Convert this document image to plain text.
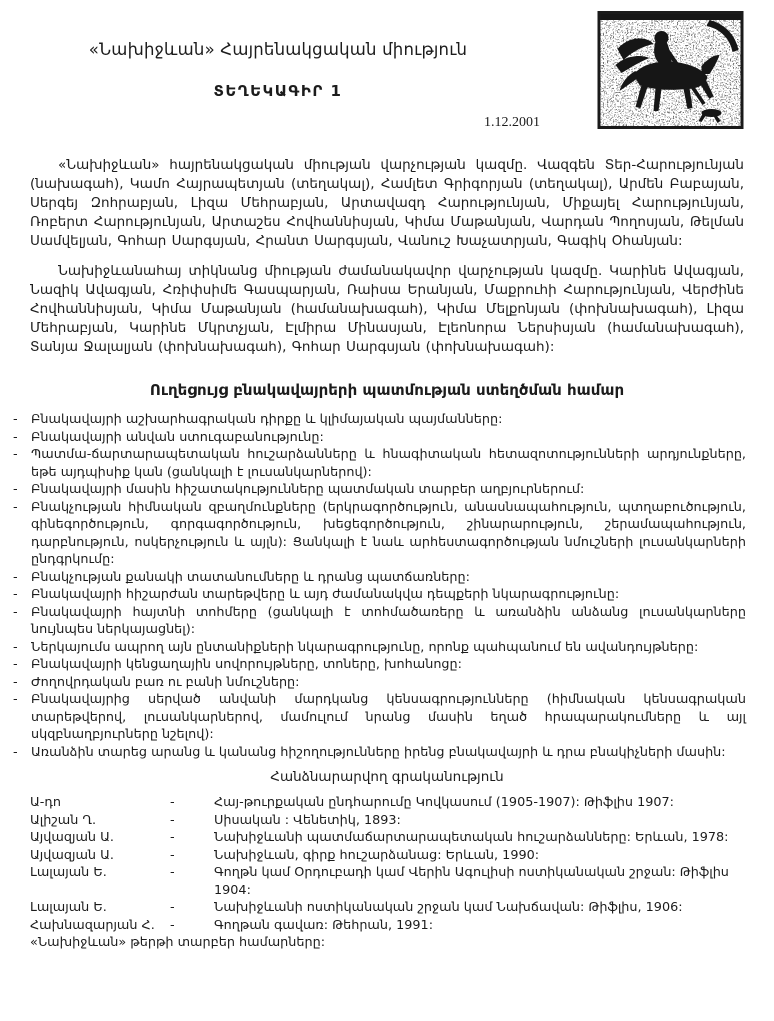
«Նախիջևան» Հայրենակցական միություն
ՏԵՂԵԿԱԳԻՐ 1
1.12.2001

«Նախիջևան» հայրենակցական միության վարչության կազմը. Վազգեն Տեր-Հարությունյան (նախագահ), Կամո Հայրապետյան (տեղակալ), Համլետ Գրիգորյան (տեղակալ), Արմեն Բաբայան, Սերգեյ Զոհրաբյան, Լիզա Մեհրաբյան, Արտավազդ Հարությունյան, Միքայել Հարությունյան, Ռոբերտ Հարությունյան, Արտաշես Հովհաննիսյան, Կիմա Մաթանյան, Վարդան Պողոսյան, Թելման Սամվելյան, Գոհար Սարգսյան, Հրանտ Սարգսյան, Վանուշ Խաչատրյան, Գագիկ Օհանյան:

Նախիջևանահայ տիկնանց միության ժամանակավոր վարչության կազմը. Կարինե Ավագյան, Նազիկ Ավագյան, Հռիփսիմե Գասպարյան, Ռաիսա Երանյան, Մաքրուհի Հարությունյան, Վերժինե Հովհաննիսյան, Կիմա Մաթանյան (համանախագահ), Կիմա Մելքոնյան (փոխնախագահ), Լիզա Մեհրաբյան, Կարինե Մկրտչյան, Էլմիրա Մինասյան, Էլեոնորա Ներսիսյան (համանախագահ), Տանյա Ջալալյան (փոխնախագահ), Գոհար Սարգսյան (փոխնախագահ):

Ուղեցույց բնակավայրերի պատմության ստեղծման համար
-	Բնակավայրի աշխարհագրական դիրքը և կլիմայական պայմանները:
-	Բնակավայրի անվան ստուգաբանությունը:
-	Պատմա-ճարտարապետական հուշարձանները և հնագիտական հետազոտությունների արդյունքները, եթե այդպիսիք կան (ցանկալի է լուսանկարներով):
-	Բնակավայրի մասին հիշատակությունները պատմական տարբեր աղբյուրներում:
-	Բնակչության հիմնական զբաղմունքները (երկրագործություն, անասնապահություն, պտղաբուծություն, գինեգործություն, գորգագործություն, խեցեգործություն, շինարարություն, շերամապահություն, դարբնություն, ոսկերչություն և այլն): Ցանկալի է նաև արհեստագործության նմուշների լուսանկարների ընդգրկումը:
-	Բնակչության քանակի տատանումները և դրանց պատճառները:
-	Բնակավայրի հիշարժան տարեթվերը և այդ ժամանակվա դեպքերի նկարագրությունը:
-	Բնակավայրի հայտնի տոհմերը (ցանկալի է տոհմածառերը և առանձին անձանց լուսանկարները նույնպես ներկայացնել):
-	Ներկայումս ապրող այն ընտանիքների նկարագրությունը, որոնք պահպանում են ավանդույթները:
-	Բնակավայրի կենցաղային սովորույթները, տոները, խոհանոցը:
-	Ժողովրդական բառ ու բանի նմուշները:
-	Բնակավայրից սերված անվանի մարդկանց կենսագրությունները (հիմնական կենսագրական տարեթվերով, լուսանկարներով, մամուլում նրանց մասին եղած հրապարակումները և այլ սկզբնաղբյուրները նշելով):
-	Առանձին տարեց արանց և կանանց հիշողությունները իրենց բնակավայրի և դրա բնակիչների մասին:
Հանձնարարվող գրականություն
Ա-դո	-	Հայ-թուրքական ընդհարումը Կովկասում (1905-1907): Թիֆլիս 1907:
Ալիշան Ղ.	-	Սիսական : Վենետիկ, 1893:
Այվազյան Ա.	-	Նախիջևանի պատմաճարտարապետական հուշարձանները: Երևան, 1978:
Այվազյան Ա.	-	Նախիջևան, գիրք հուշարձանաց: Երևան, 1990:
Լալայան Ե.	-	Գողթն կամ Օրդուբադի կամ Վերին Ագուլիսի ոստիկանական շրջան: Թիֆլիս 1904:
Լալայան Ե.	-	Նախիջևանի ոստիկանական շրջան կամ Նախճավան: Թիֆլիս, 1906:
Հախնազարյան Հ.	-	Գողթան գավառ: Թեհրան, 1991:
«Նախիջևան» թերթի տարբեր համարները:
